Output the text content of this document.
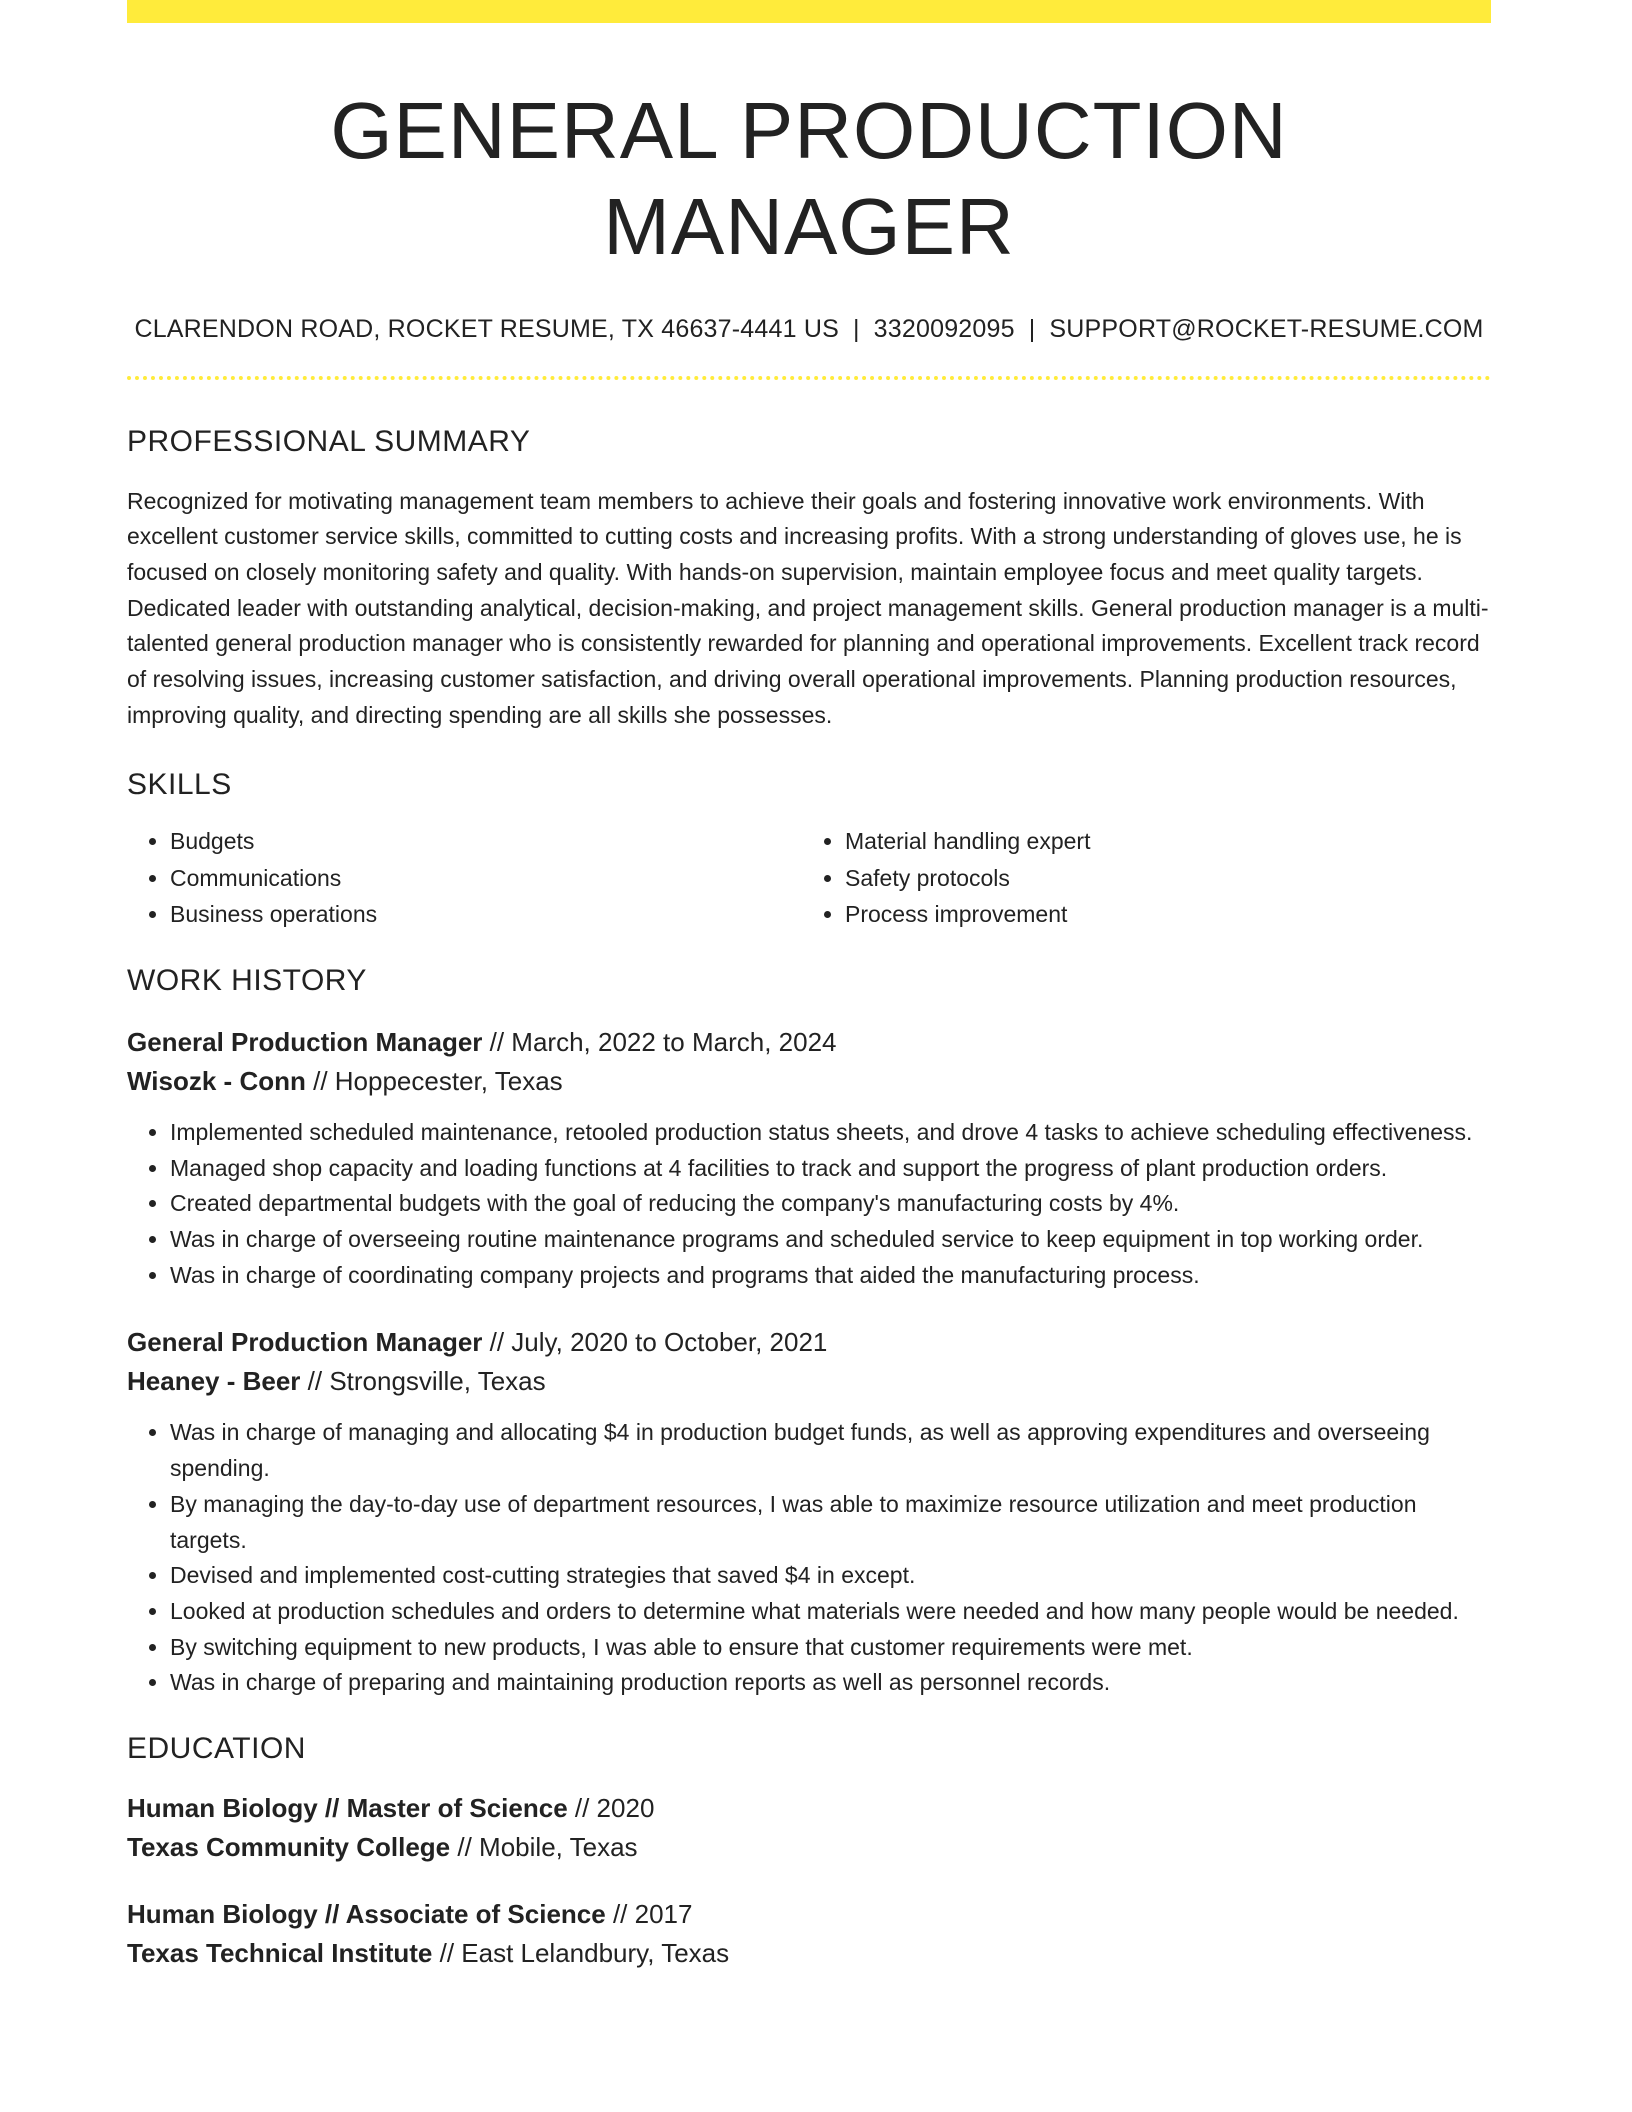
GENERAL PRODUCTION MANAGER
CLARENDON ROAD, ROCKET RESUME, TX 46637-4441 US | 3320092095 | SUPPORT@ROCKET-RESUME.COM
PROFESSIONAL SUMMARY
Recognized for motivating management team members to achieve their goals and fostering innovative work environments. With excellent customer service skills, committed to cutting costs and increasing profits. With a strong understanding of gloves use, he is focused on closely monitoring safety and quality. With hands-on supervision, maintain employee focus and meet quality targets. Dedicated leader with outstanding analytical, decision-making, and project management skills. General production manager is a multi-talented general production manager who is consistently rewarded for planning and operational improvements. Excellent track record of resolving issues, increasing customer satisfaction, and driving overall operational improvements. Planning production resources, improving quality, and directing spending are all skills she possesses.
SKILLS
• Budgets
• Communications
• Business operations
• Material handling expert
• Safety protocols
• Process improvement
WORK HISTORY
General Production Manager // March, 2022 to March, 2024
Wisozk - Conn // Hoppecester, Texas
• Implemented scheduled maintenance, retooled production status sheets, and drove 4 tasks to achieve scheduling effectiveness.
• Managed shop capacity and loading functions at 4 facilities to track and support the progress of plant production orders.
• Created departmental budgets with the goal of reducing the company's manufacturing costs by 4%.
• Was in charge of overseeing routine maintenance programs and scheduled service to keep equipment in top working order.
• Was in charge of coordinating company projects and programs that aided the manufacturing process.
General Production Manager // July, 2020 to October, 2021
Heaney - Beer // Strongsville, Texas
• Was in charge of managing and allocating $4 in production budget funds, as well as approving expenditures and overseeing spending.
• By managing the day-to-day use of department resources, I was able to maximize resource utilization and meet production targets.
• Devised and implemented cost-cutting strategies that saved $4 in except.
• Looked at production schedules and orders to determine what materials were needed and how many people would be needed.
• By switching equipment to new products, I was able to ensure that customer requirements were met.
• Was in charge of preparing and maintaining production reports as well as personnel records.
EDUCATION
Human Biology // Master of Science // 2020
Texas Community College // Mobile, Texas
Human Biology // Associate of Science // 2017
Texas Technical Institute // East Lelandbury, Texas
